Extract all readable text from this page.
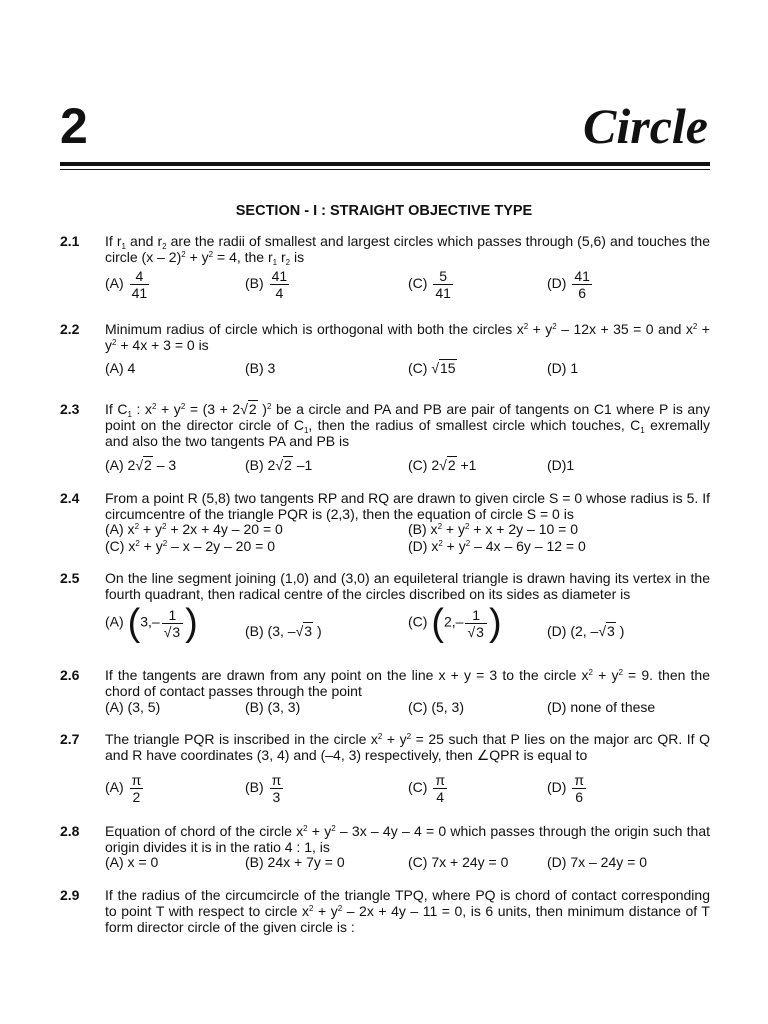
2	Circle
SECTION - I : STRAIGHT OBJECTIVE TYPE
2.1 If $r_1$ and $r_2$ are the radii of smallest and largest circles which passes through (5,6) and touches the circle $(x - 2)^2 + y^2 = 4$, the $r_1$ $r_2$ is
$(A) \frac{4}{41}$	$(B) \frac{41}{4}$	$(C) \frac{5}{41}$	$(D) \frac{41}{6}$
2.2 Minimum radius of circle which is orthogonal with both the circles $x^2 + y^2 - 12x + 35 = 0$ and $x^2 + y^2 + 4x + 3 = 0$ is
(A) 4	(B) 3	(C) √15	(D) 1
2.3 If $C_1$ : $x^2 + y^2 = (3 + 2√2$ )$^2$ be a circle and PA and PB are pair of tangents on C1 where P is any point on the director circle of $C_1$, then the radius of smallest circle which touches, $C_1$ exremally and also the two tangents PA and PB is
(A) 2√2 – 3	(B) 2√2 –1	(C) 2√2 +1	(D)1
2.4 From a point R (5,8) two tangents RP and RQ are drawn to given circle S = 0 whose radius is 5. If circumcentre of the triangle PQR is (2,3), then the equation of circle S = 0 is
(A) $x^2 + y^2 + 2x + 4y - 20 = 0$	(B) $x^2 + y^2 + x + 2y - 10 = 0$
(C) $x^2 + y^2 - x - 2y - 20 = 0$	(D) $x^2 + y^2 - 4x - 6y - 12 = 0$
2.5 On the line segment joining (1,0) and (3,0) an equileteral triangle is drawn having its vertex in the fourth quadrant, then radical centre of the circles discribed on its sides as diameter is
(A) ($3,- \frac{1}{√3}$ )	(B) (3, –√3 )
(C) ($2,- \frac{1}{√3}$ )	(D) (2, –√3 )
2.6 If the tangents are drawn from any point on the line x + y = 3 to the circle $x^2 + y^2 = 9$. then the chord of contact passes through the point
(A) (3, 5)	(B) (3, 3)	(C) (5, 3)	(D) none of these
2.7 The triangle PQR is inscribed in the circle $x^2 + y^2 = 25$ such that P lies on the major arc QR. If Q and R have coordinates (3, 4) and (–4, 3) respectively, then ∠QPR is equal to
$(A) \frac{\pi}{2}$	$(B) \frac{\pi}{3}$	$(C) \frac{\pi}{4}$	$(D) \frac{\pi}{6}$
2.8 Equation of chord of the circle $x^2 + y^2 - 3x - 4y - 4 = 0$ which passes through the origin such that origin divides it is in the ratio 4 : 1, is
(A) x = 0	(B) 24x + 7y = 0	(C) 7x + 24y = 0	(D) 7x – 24y = 0
2.9 If the radius of the circumcircle of the triangle TPQ, where PQ is chord of contact corresponding to point T with respect to circle $x^2 + y^2 - 2x + 4y - 11 = 0$, is 6 units, then minimum distance of T form director circle of the given circle is :
